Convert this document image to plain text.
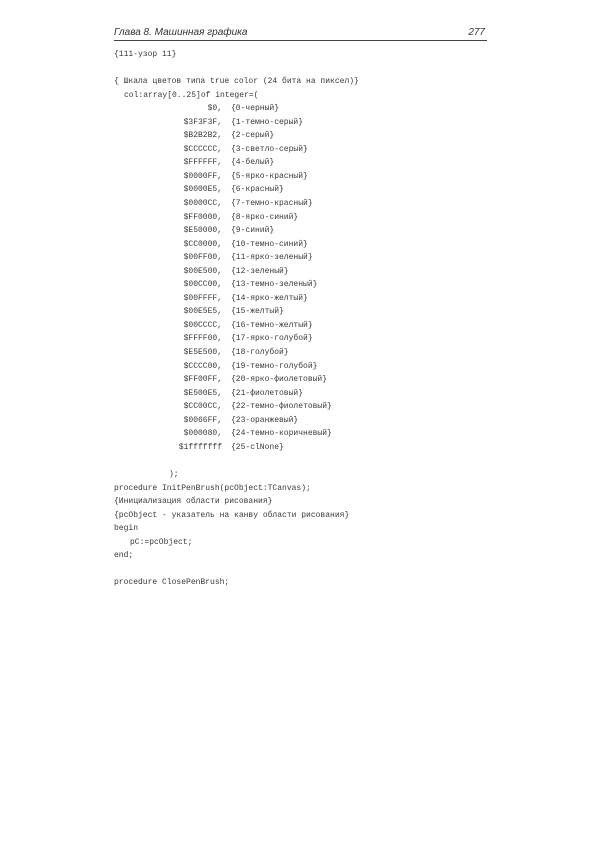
Глава 8. Машинная графика	277
{111-узор 11}
{ Шкала цветов типа true color (24 бита на пиксел)}
col:array[0..25]of integer=(
$0, {0-черный}
$3F3F3F, {1-темно-серый}
$B2B2B2, {2-серый}
$CCCCCC, {3-светло-серый}
$FFFFFF, {4-белый}
$0000FF, {5-ярко-красный}
$0000E5, {6-красный}
$0000CC, {7-темно-красный}
$FF0000, {8-ярко-синий}
$E50000, {9-синий}
$CC0000, {10-темно-синий}
$00FF00, {11-ярко-зеленый}
$00E500, {12-зеленый}
$00CC00, {13-темно-зеленый}
$00FFFF, {14-ярко-желтый}
$00E5E5, {15-желтый}
$00CCCC, {16-темно-желтый}
$FFFF00, {17-ярко-голубой}
$E5E500, {18-голубой}
$CCCC00, {19-темно-голубой}
$FF00FF, {20-ярко-фиолетовый}
$E500E5, {21-фиолетовый}
$CC00CC, {22-темно-фиолетовый}
$0066FF, {23-оранжевый}
$000080, {24-темно-коричневый}
$1fffffff {25-clNone}

);

procedure InitPenBrush(pcObject:TCanvas);
{Инициализация области рисования}
{pcObject - указатель на канву области рисования}
begin
pC:=pcObject;
end;
procedure ClosePenBrush;
